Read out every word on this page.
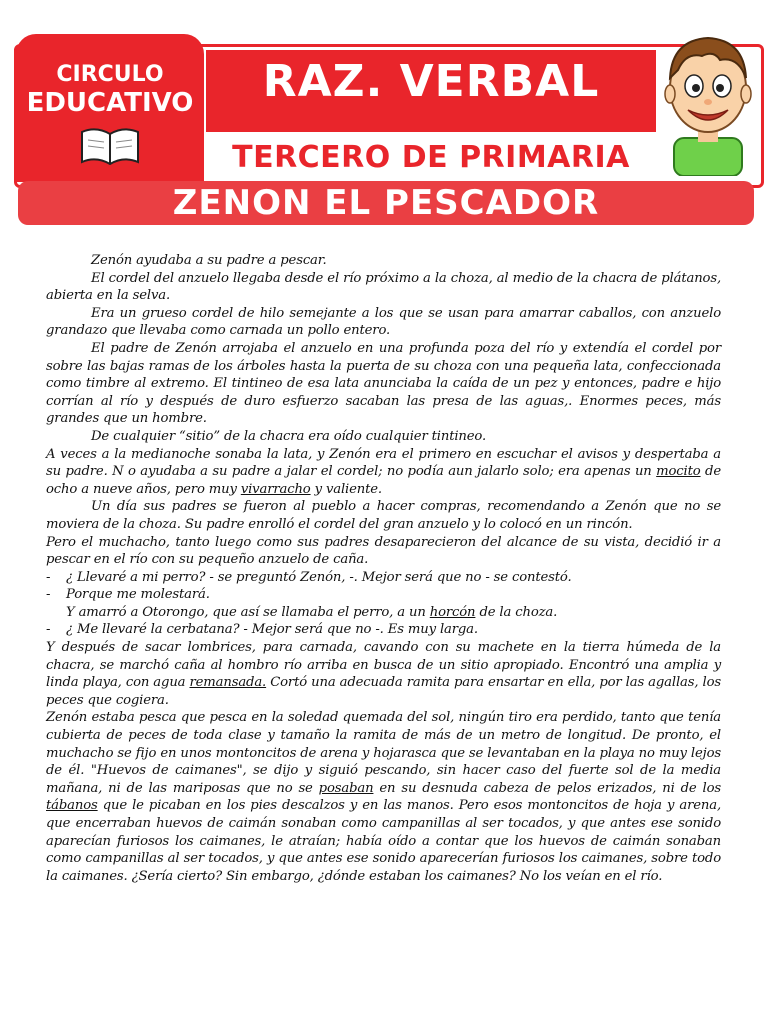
RAZ. VERBAL
TERCERO DE PRIMARIA
CIRCULO
EDUCATIVO
ZENON EL PESCADOR

Zenón ayudaba a su padre a pescar.

El cordel del anzuelo llegaba desde el río próximo a la choza, al medio de la chacra de plátanos, abierta en la selva.

Era un grueso cordel de hilo semejante a los que se usan para amarrar caballos, con anzuelo grandazo que llevaba como carnada un pollo entero.

El padre de Zenón arrojaba el anzuelo en una profunda poza del río y extendía el cordel por sobre las bajas ramas de los árboles hasta la puerta de su choza con una pequeña lata, confeccionada como timbre al extremo. El tintineo de esa lata anunciaba la caída de un pez y entonces, padre e hijo corrían al río y después de duro esfuerzo sacaban las presa de las aguas,. Enormes peces, más grandes que un hombre.

De cualquier “sitio” de la chacra era oído cualquier tintineo.

A veces a la medianoche sonaba la lata, y Zenón era el primero en escuchar el avisos y despertaba a su padre. N o ayudaba a su padre a jalar el cordel; no podía aun jalarlo solo; era apenas un mocito de ocho a nueve años, pero muy vivarracho y valiente.

Un día sus padres se fueron al pueblo a hacer compras, recomendando a Zenón que no se moviera de la choza. Su padre enrolló el cordel del gran anzuelo y lo colocó en un rincón.

Pero el muchacho, tanto luego como sus padres desaparecieron del alcance de su vista, decidió ir a pescar en el río con su pequeño anzuelo de caña.

- ¿ Llevaré a mi perro? - se preguntó Zenón, -. Mejor será que no - se contestó.

- Porque me molestará.

Y amarró a Otorongo, que así se llamaba el perro, a un horcón de la choza.

- ¿ Me llevaré la cerbatana? - Mejor será que no -. Es muy larga.

Y después de sacar lombrices, para carnada, cavando con su machete en la tierra húmeda de la chacra, se marchó caña al hombro río arriba en busca de un sitio apropiado. Encontró una amplia y linda playa, con agua remansada. Cortó una adecuada ramita para ensartar en ella, por las agallas, los peces que cogiera.

Zenón estaba pesca que pesca en la soledad quemada del sol, ningún tiro era perdido, tanto que tenía cubierta de peces de toda clase y tamaño la ramita de más de un metro de longitud. De pronto, el muchacho se fijo en unos montoncitos de arena y hojarasca que se levantaban en la playa no muy lejos de él. "Huevos de caimanes", se dijo y siguió pescando, sin hacer caso del fuerte sol de la media mañana, ni de las mariposas que no se posaban en su desnuda cabeza de pelos erizados, ni de los tábanos que le picaban en los pies descalzos y en las manos. Pero esos montoncitos de hoja y arena, que encerraban huevos de caimán sonaban como campanillas al ser tocados, y que antes ese sonido aparecían furiosos los caimanes, le atraían; había oído a contar que los huevos de caimán sonaban como campanillas al ser tocados, y que antes ese sonido aparecerían furiosos los caimanes, sobre todo la caimanes. ¿Sería cierto? Sin embargo, ¿dónde estaban los caimanes? No los veían en el río.
